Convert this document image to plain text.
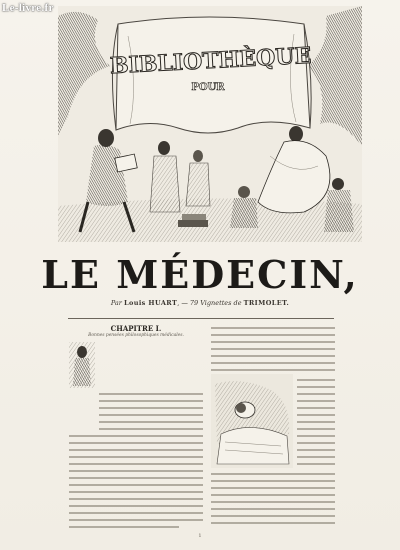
Le-livre.fr
BIBLIOTHÈQUE
POUR
LE MÉDECIN,
Par Louis HUART, — 79 Vignettes de TRIMOLET.
CHAPITRE I.
Bonnes pensées philosophiques médicales.
1
